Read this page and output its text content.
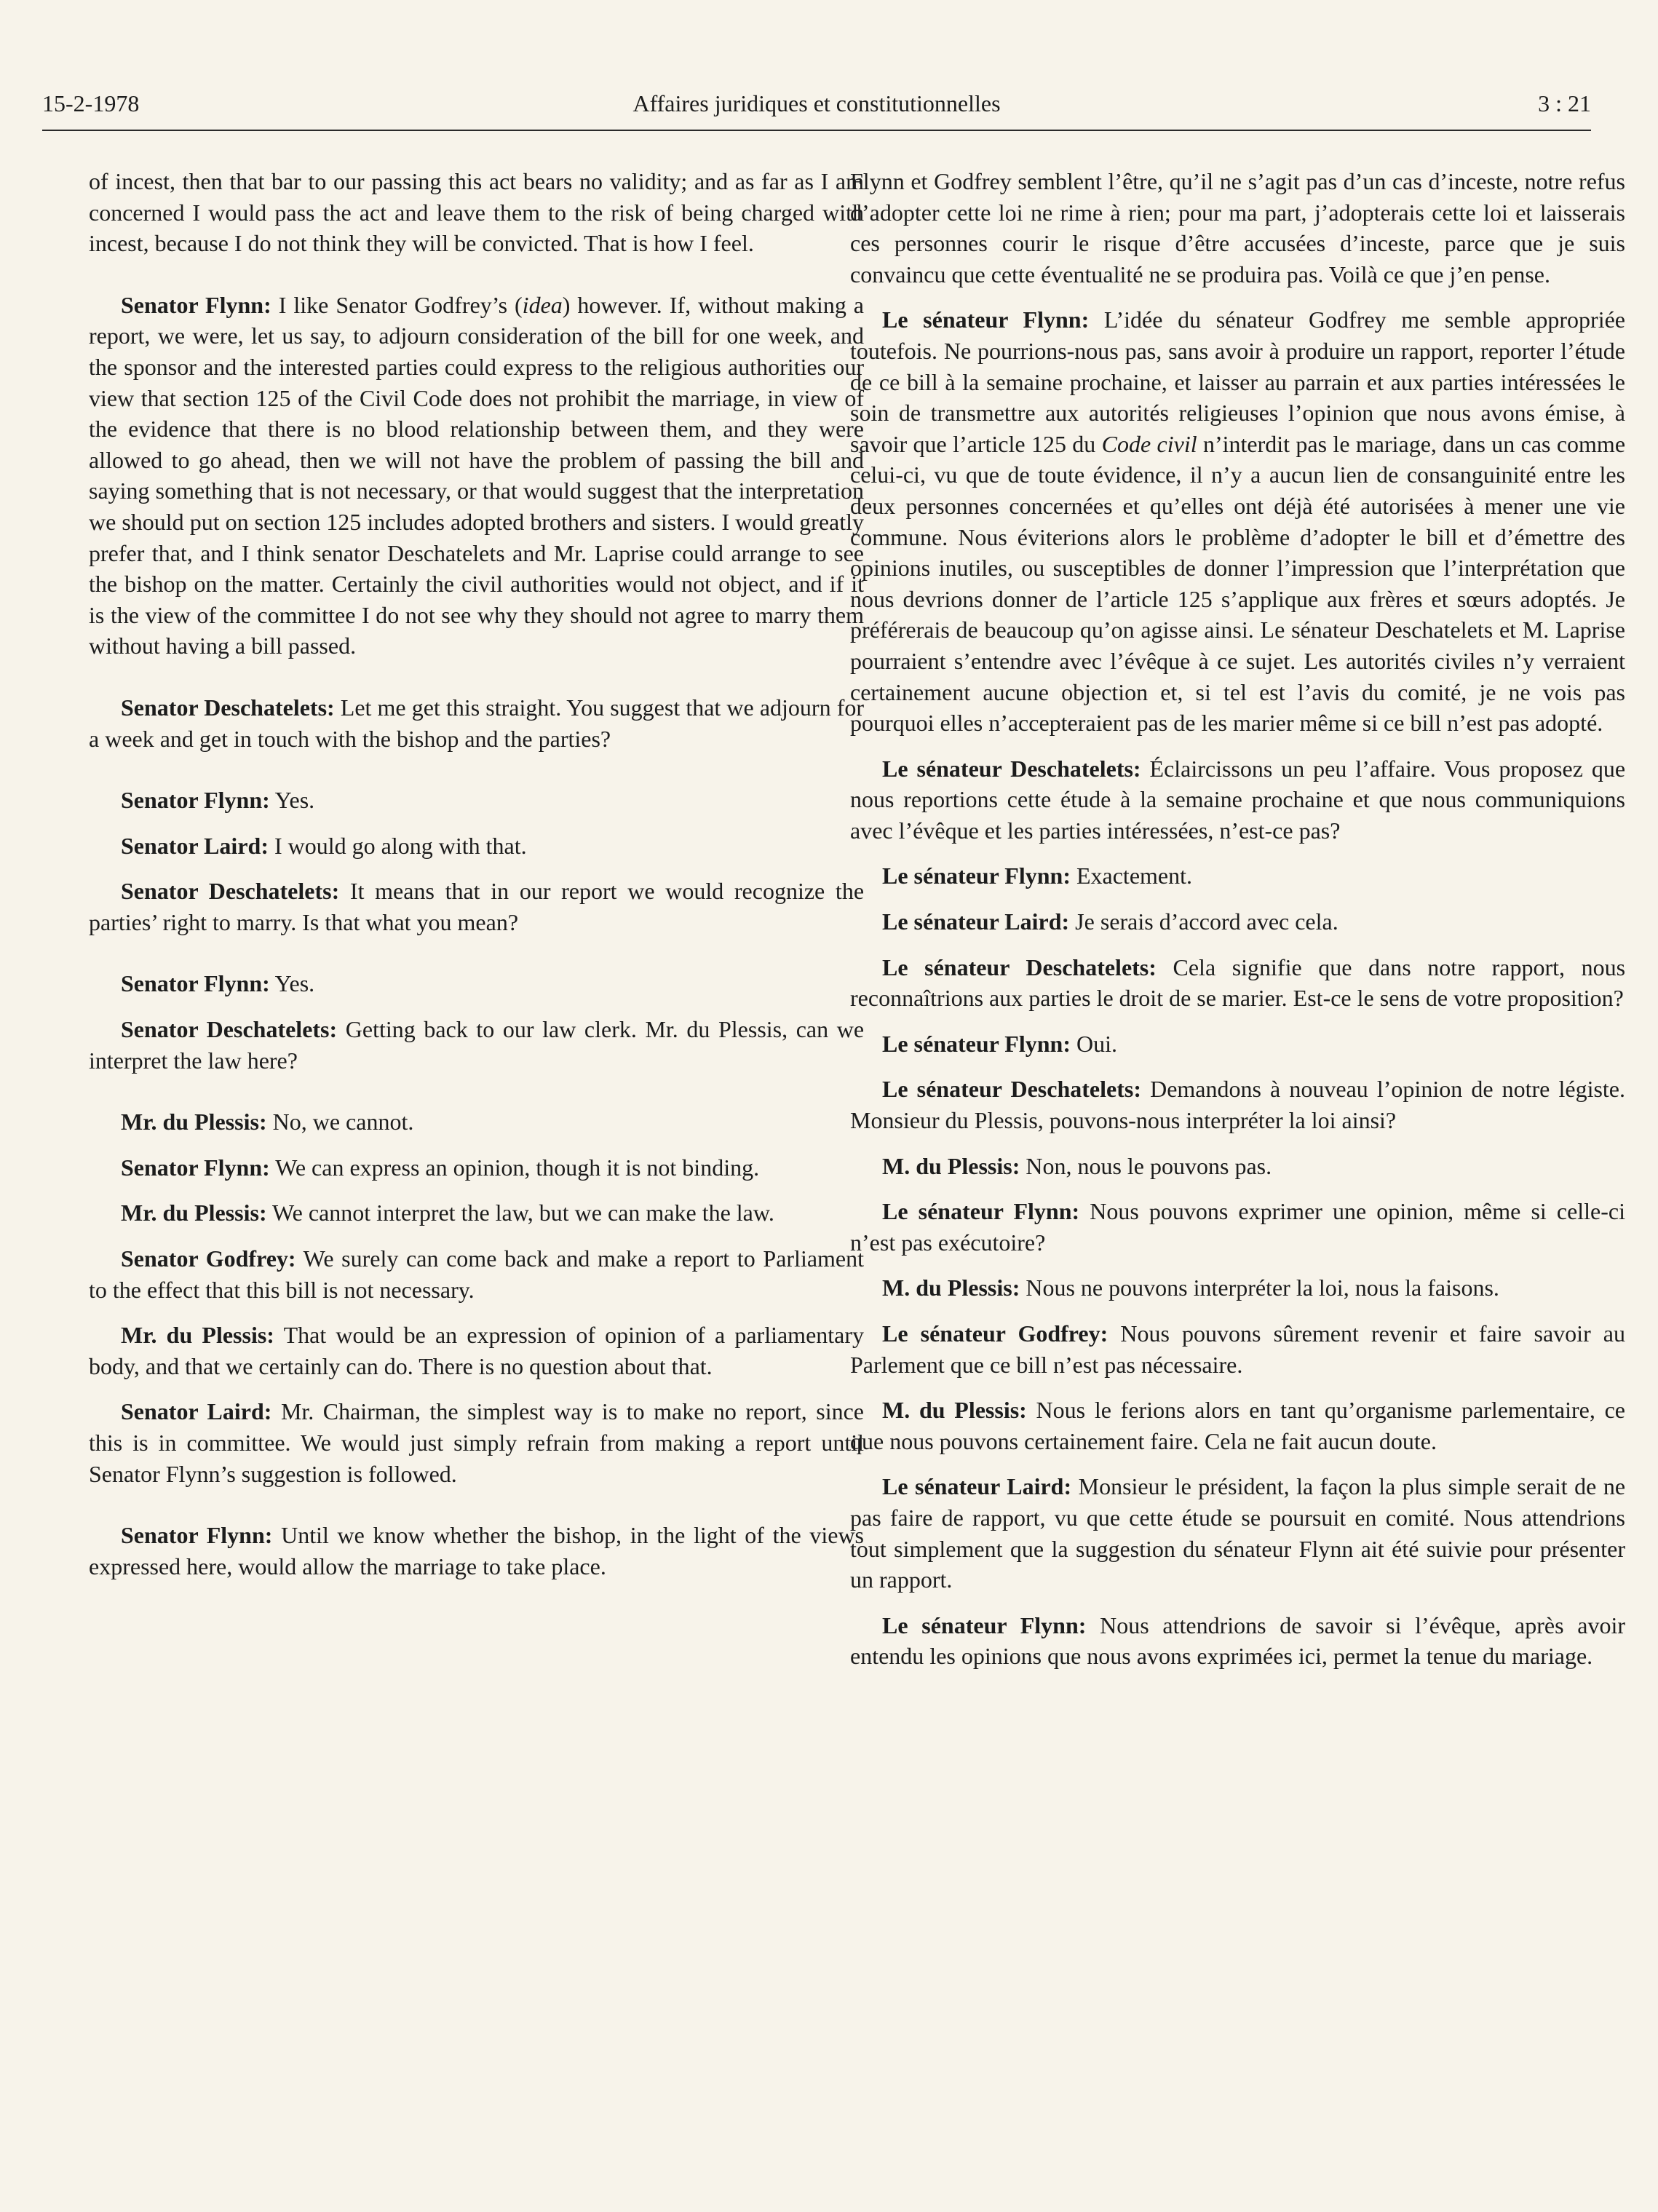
15-2-1978	Affaires juridiques et constitutionnelles	3 : 21

of incest, then that bar to our passing this act bears no validity; and as far as I am concerned I would pass the act and leave them to the risk of being charged with incest, because I do not think they will be convicted. That is how I feel.

Senator Flynn: I like Senator Godfrey’s (idea) however. If, without making a report, we were, let us say, to adjourn consideration of the bill for one week, and the sponsor and the interested parties could express to the religious authorities our view that section 125 of the Civil Code does not prohibit the marriage, in view of the evidence that there is no blood relationship between them, and they were allowed to go ahead, then we will not have the problem of passing the bill and saying something that is not necessary, or that would suggest that the interpretation we should put on section 125 includes adopted brothers and sisters. I would greatly prefer that, and I think senator Deschatelets and Mr. Laprise could arrange to see the bishop on the matter. Certainly the civil authorities would not object, and if it is the view of the committee I do not see why they should not agree to marry them without having a bill passed.

Senator Deschatelets: Let me get this straight. You suggest that we adjourn for a week and get in touch with the bishop and the parties?

Senator Flynn: Yes.

Senator Laird: I would go along with that.

Senator Deschatelets: It means that in our report we would recognize the parties’ right to marry. Is that what you mean?

Senator Flynn: Yes.

Senator Deschatelets: Getting back to our law clerk. Mr. du Plessis, can we interpret the law here?

Mr. du Plessis: No, we cannot.

Senator Flynn: We can express an opinion, though it is not binding.

Mr. du Plessis: We cannot interpret the law, but we can make the law.

Senator Godfrey: We surely can come back and make a report to Parliament to the effect that this bill is not necessary.

Mr. du Plessis: That would be an expression of opinion of a parliamentary body, and that we certainly can do. There is no question about that.

Senator Laird: Mr. Chairman, the simplest way is to make no report, since this is in committee. We would just simply refrain from making a report until Senator Flynn’s suggestion is followed.

Senator Flynn: Until we know whether the bishop, in the light of the views expressed here, would allow the marriage to take place.

Flynn et Godfrey semblent l’être, qu’il ne s’agit pas d’un cas d’inceste, notre refus d’adopter cette loi ne rime à rien; pour ma part, j’adopterais cette loi et laisserais ces personnes courir le risque d’être accusées d’inceste, parce que je suis convaincu que cette éventualité ne se produira pas. Voilà ce que j’en pense.

Le sénateur Flynn: L’idée du sénateur Godfrey me semble appropriée toutefois. Ne pourrions-nous pas, sans avoir à produire un rapport, reporter l’étude de ce bill à la semaine prochaine, et laisser au parrain et aux parties intéressées le soin de transmettre aux autorités religieuses l’opinion que nous avons émise, à savoir que l’article 125 du Code civil n’interdit pas le mariage, dans un cas comme celui-ci, vu que de toute évidence, il n’y a aucun lien de consanguinité entre les deux personnes concernées et qu’elles ont déjà été autorisées à mener une vie commune. Nous éviterions alors le problème d’adopter le bill et d’émettre des opinions inutiles, ou susceptibles de donner l’impression que l’interprétation que nous devrions donner de l’article 125 s’applique aux frères et sœurs adoptés. Je préférerais de beaucoup qu’on agisse ainsi. Le sénateur Deschatelets et M. Laprise pourraient s’entendre avec l’évêque à ce sujet. Les autorités civiles n’y verraient certainement aucune objection et, si tel est l’avis du comité, je ne vois pas pourquoi elles n’accepteraient pas de les marier même si ce bill n’est pas adopté.

Le sénateur Deschatelets: Éclaircissons un peu l’affaire. Vous proposez que nous reportions cette étude à la semaine prochaine et que nous communiquions avec l’évêque et les parties intéressées, n’est-ce pas?

Le sénateur Flynn: Exactement.

Le sénateur Laird: Je serais d’accord avec cela.

Le sénateur Deschatelets: Cela signifie que dans notre rapport, nous reconnaîtrions aux parties le droit de se marier. Est-ce le sens de votre proposition?

Le sénateur Flynn: Oui.

Le sénateur Deschatelets: Demandons à nouveau l’opinion de notre légiste. Monsieur du Plessis, pouvons-nous interpréter la loi ainsi?

M. du Plessis: Non, nous le pouvons pas.

Le sénateur Flynn: Nous pouvons exprimer une opinion, même si celle-ci n’est pas exécutoire?

M. du Plessis: Nous ne pouvons interpréter la loi, nous la faisons.

Le sénateur Godfrey: Nous pouvons sûrement revenir et faire savoir au Parlement que ce bill n’est pas nécessaire.

M. du Plessis: Nous le ferions alors en tant qu’organisme parlementaire, ce que nous pouvons certainement faire. Cela ne fait aucun doute.

Le sénateur Laird: Monsieur le président, la façon la plus simple serait de ne pas faire de rapport, vu que cette étude se poursuit en comité. Nous attendrions tout simplement que la suggestion du sénateur Flynn ait été suivie pour présenter un rapport.

Le sénateur Flynn: Nous attendrions de savoir si l’évêque, après avoir entendu les opinions que nous avons exprimées ici, permet la tenue du mariage.
